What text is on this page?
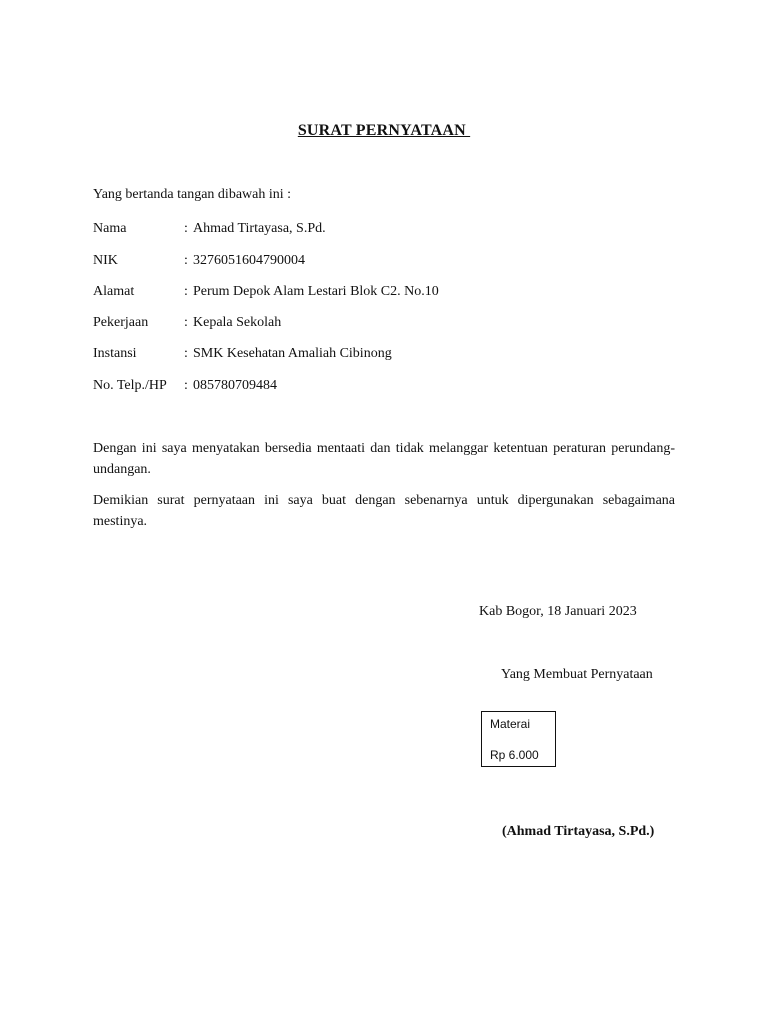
SURAT PERNYATAAN
Yang bertanda tangan dibawah ini :
Nama	: Ahmad Tirtayasa, S.Pd.
NIK	: 3276051604790004
Alamat	: Perum Depok Alam Lestari Blok C2. No.10
Pekerjaan	: Kepala Sekolah
Instansi	: SMK Kesehatan Amaliah Cibinong
No. Telp./HP : 085780709484
Dengan ini saya menyatakan bersedia mentaati dan tidak melanggar ketentuan peraturan perundang-undangan.
Demikian surat pernyataan ini saya buat dengan sebenarnya untuk dipergunakan sebagaimana mestinya.
Kab Bogor, 18 Januari 2023
Yang Membuat Pernyataan
Materai
Rp 6.000
(Ahmad Tirtayasa, S.Pd.)
